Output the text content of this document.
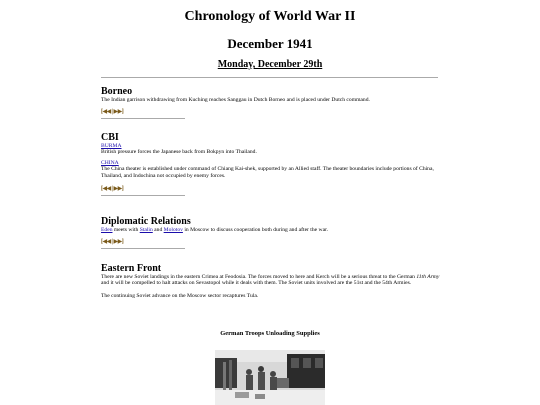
Chronology of World War II
December 1941
Monday, December 29th
Borneo

The Indian garrison withdrawing from Kuching reaches Sanggau in Dutch Borneo and is placed under Dutch command.

[◀◀ | ▶▶]
CBI

BURMA

British pressure forces the Japanese back from Bokpyn into Thailand.

CHINA

The China theater is established under command of Chiang Kai-shek, supported by an Allied staff. The theater boundaries include portions of China, Thailand, and Indochina not occupied by enemy forces.

[◀◀ | ▶▶]
Diplomatic Relations

Eden meets with Stalin and Molotov in Moscow to discuss cooperation both during and after the war.

[◀◀ | ▶▶]
Eastern Front

There are new Soviet landings in the eastern Crimea at Feodosia. The forces moved to here and Kerch will be a serious threat to the German 11th Army and it will be compelled to halt attacks on Sevastopol while it deals with them. The Soviet units involved are the 51st and the 54th Armies.

The continuing Soviet advance on the Moscow sector recaptures Tula.

German Troops Unloading Supplies
